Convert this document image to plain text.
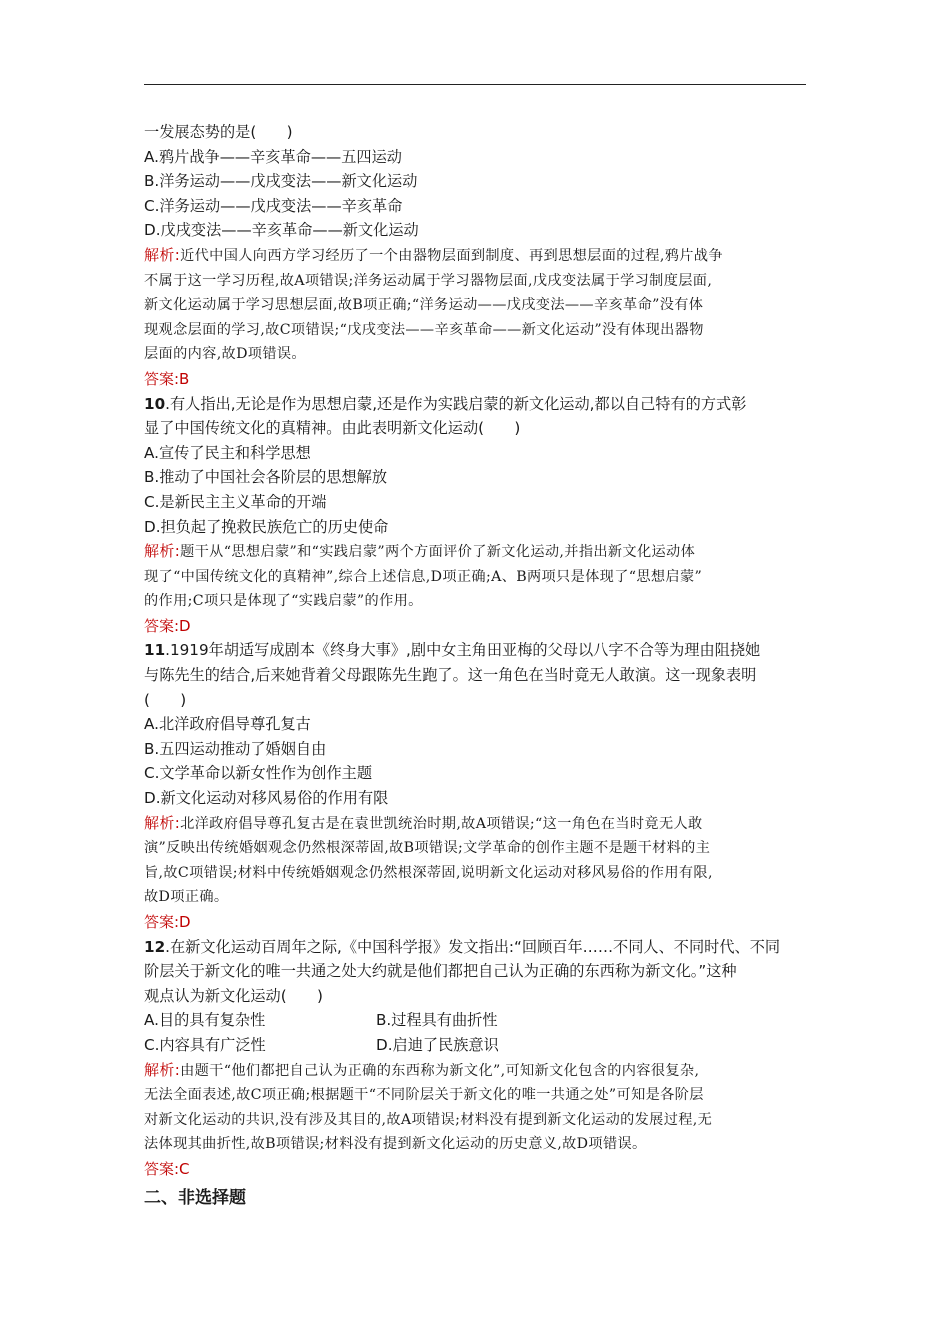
一发展态势的是(　　)
A.鸦片战争——辛亥革命——五四运动
B.洋务运动——戊戌变法——新文化运动
C.洋务运动——戊戌变法——辛亥革命
D.戊戌变法——辛亥革命——新文化运动
解析:近代中国人向西方学习经历了一个由器物层面到制度、再到思想层面的过程,鸦片战争
不属于这一学习历程,故A项错误;洋务运动属于学习器物层面,戊戌变法属于学习制度层面,
新文化运动属于学习思想层面,故B项正确;“洋务运动——戊戌变法——辛亥革命”没有体
现观念层面的学习,故C项错误;“戊戌变法——辛亥革命——新文化运动”没有体现出器物
层面的内容,故D项错误。
答案:B
10.有人指出,无论是作为思想启蒙,还是作为实践启蒙的新文化运动,都以自己特有的方式彰
显了中国传统文化的真精神。由此表明新文化运动(　　)
A.宣传了民主和科学思想
B.推动了中国社会各阶层的思想解放
C.是新民主主义革命的开端
D.担负起了挽救民族危亡的历史使命
解析:题干从“思想启蒙”和“实践启蒙”两个方面评价了新文化运动,并指出新文化运动体
现了“中国传统文化的真精神”,综合上述信息,D项正确;A、B两项只是体现了“思想启蒙”
的作用;C项只是体现了“实践启蒙”的作用。
答案:D
11.1919年胡适写成剧本《终身大事》,剧中女主角田亚梅的父母以八字不合等为理由阻挠她
与陈先生的结合,后来她背着父母跟陈先生跑了。这一角色在当时竟无人敢演。这一现象表明
(　　)
A.北洋政府倡导尊孔复古
B.五四运动推动了婚姻自由
C.文学革命以新女性作为创作主题
D.新文化运动对移风易俗的作用有限
解析:北洋政府倡导尊孔复古是在袁世凯统治时期,故A项错误;“这一角色在当时竟无人敢
演”反映出传统婚姻观念仍然根深蒂固,故B项错误;文学革命的创作主题不是题干材料的主
旨,故C项错误;材料中传统婚姻观念仍然根深蒂固,说明新文化运动对移风易俗的作用有限,
故D项正确。
答案:D
12.在新文化运动百周年之际,《中国科学报》发文指出:“回顾百年……不同人、不同时代、不同
阶层关于新文化的唯一共通之处大约就是他们都把自己认为正确的东西称为新文化。”这种
观点认为新文化运动(　　)
A.目的具有复杂性	B.过程具有曲折性
C.内容具有广泛性	D.启迪了民族意识
解析:由题干“他们都把自己认为正确的东西称为新文化”,可知新文化包含的内容很复杂,
无法全面表述,故C项正确;根据题干“不同阶层关于新文化的唯一共通之处”可知是各阶层
对新文化运动的共识,没有涉及其目的,故A项错误;材料没有提到新文化运动的发展过程,无
法体现其曲折性,故B项错误;材料没有提到新文化运动的历史意义,故D项错误。
答案:C
二、非选择题
